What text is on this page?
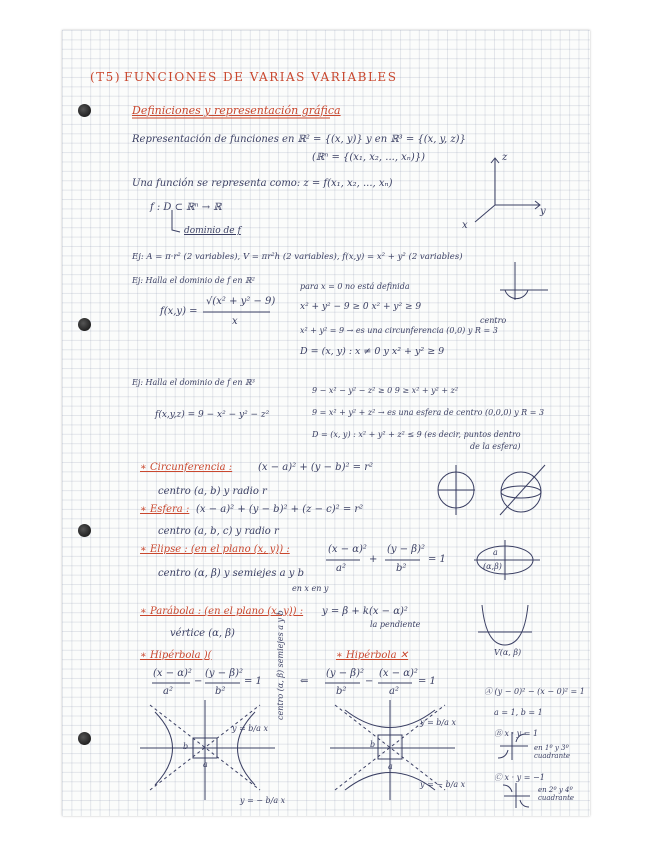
(T5) FUNCIONES DE VARIAS VARIABLES
Definiciones y representación gráfica
Representación de funciones en ℝ² = {(x, y)} y en ℝ³ = {(x, y, z)}
(ℝⁿ = {(x₁, x₂, ..., xₙ)})
Una función se representa como: z = f(x₁, x₂, ..., xₙ)
f : D ⊂ ℝⁿ → ℝ
dominio de f
z
y
x
Ej: A = π·r² (2 variables), V = πr²h (2 variables), f(x,y) = x² + y² (2 variables)
Ej: Halla el dominio de f en ℝ²
f(x,y) =
√(x² + y² − 9)
x
para x = 0 no está definida
x² + y² − 9 ≥ 0 x² + y² ≥ 9
centro
x² + y² = 9 → es una circunferencia (0,0) y R = 3
D = (x, y) : x ≠ 0 y x² + y² ≥ 9
Ej: Halla el dominio de f en ℝ³
f(x,y,z) = 9 − x² − y² − z²
9 − x² − y² − z² ≥ 0 9 ≥ x² + y² + z²
9 = x² + y² + z² → es una esfera de centro (0,0,0) y R = 3
D = (x, y) : x² + y² + z² ≤ 9 (es decir, puntos dentro
de la esfera)
∗ Circunferencia :	(x − a)² + (y − b)² = r²
centro (a, b) y radio r
∗ Esfera : (x − a)² + (y − b)² + (z − c)² = r²
centro (a, b, c) y radio r
∗ Elipse : (en el plano (x, y)) :	(x − α)²
a²
+
(y − β)²
b²
= 1
centro (α, β) y semiejes a y b
en x en y
a
(α,β)
∗ Parábola : (en el plano (x, y)) : y = β + k(x − α)²
vértice (α, β)
la pendiente
V(α, β)
∗ Hipérbola )(
(x − α)²
a²
−
(y − β)²
b²
= 1 centro (α, β) semiejes a y b	∗ Hipérbola ✕
⇐
(y − β)²
b²
−
(x − α)²
a²
= 1
y = b/a x
y = − b/a x
y = b/a x
y = − b/a x
b
a
b
a
Ⓐ (y − 0)² − (x − 0)² = 1
a = 1, b = 1
Ⓑ x · y = 1
en 1º y 3º cuadrante
Ⓒ x · y = −1
en 2º y 4º cuadrante
